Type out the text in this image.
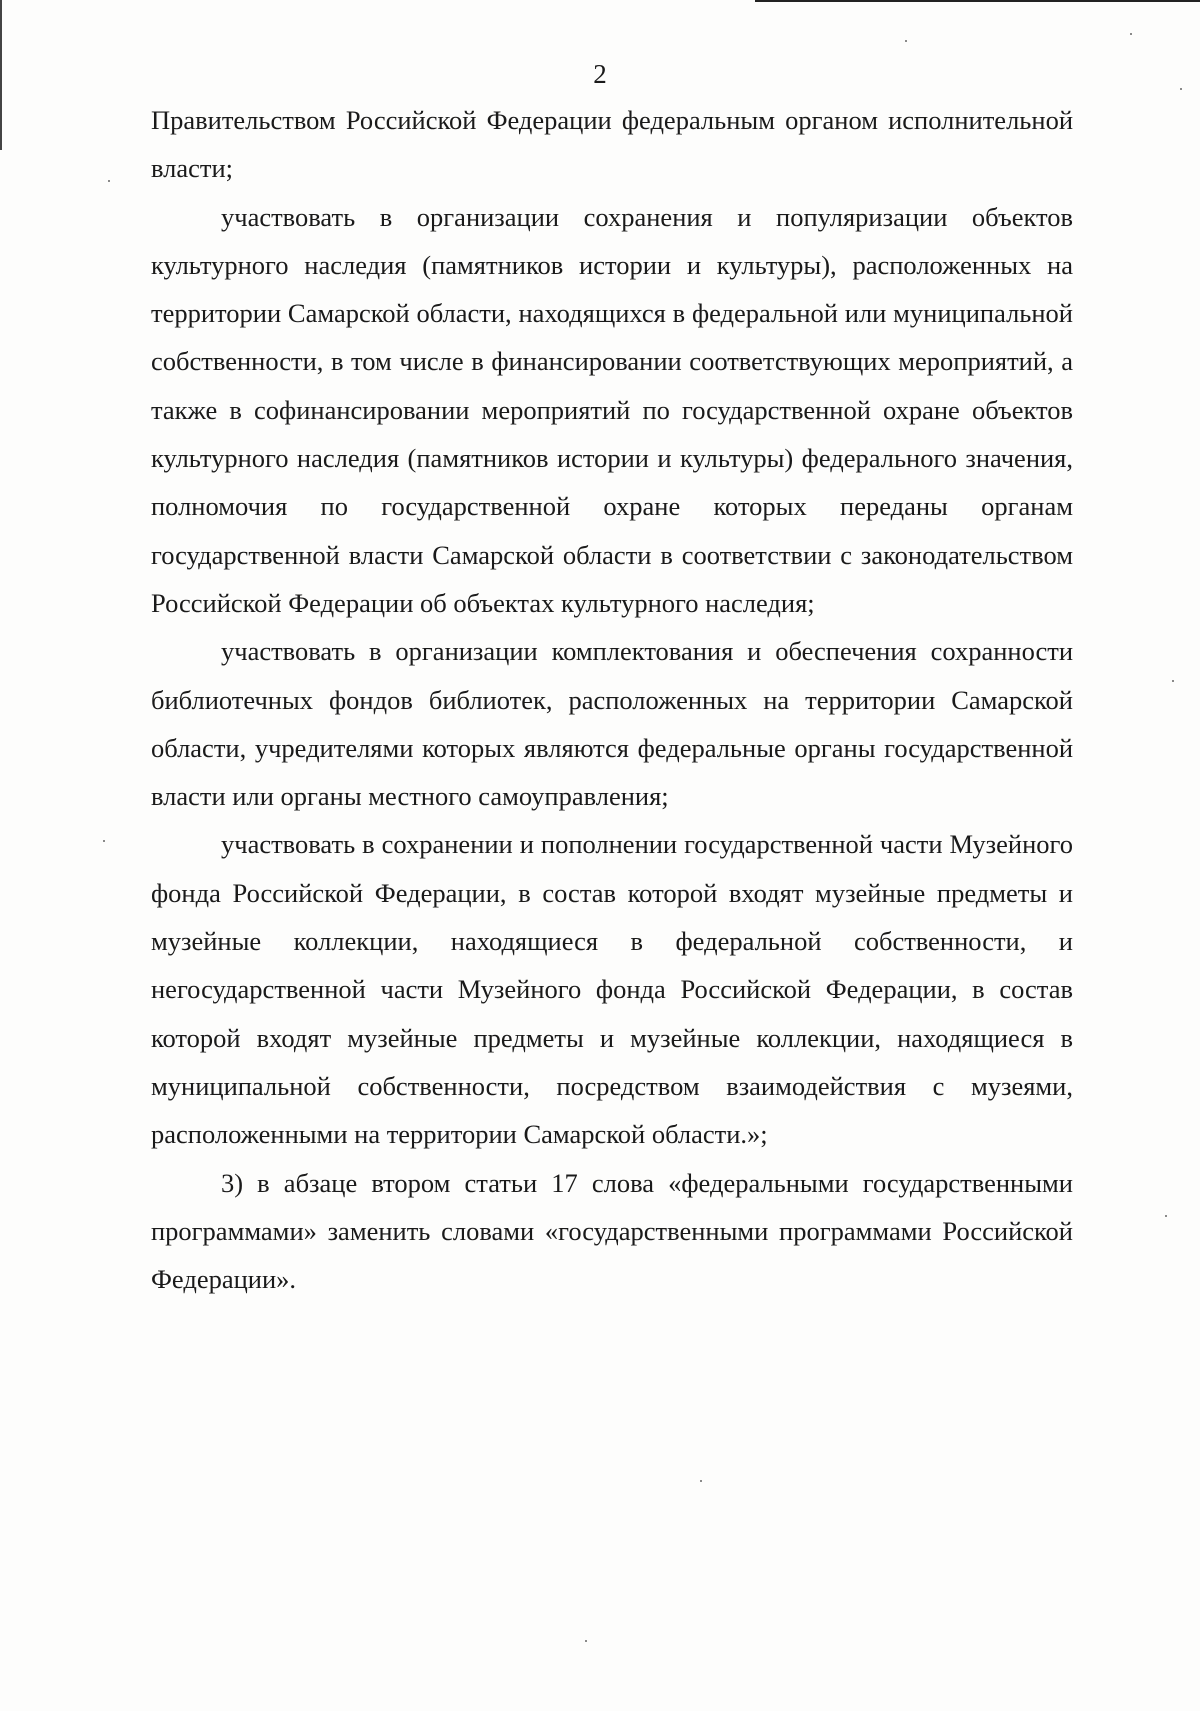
2

Правительством Российской Федерации федеральным органом исполнительной власти;

участвовать в организации сохранения и популяризации объектов культурного наследия (памятников истории и культуры), расположенных на территории Самарской области, находящихся в федеральной или муниципальной собственности, в том числе в финансировании соответствующих мероприятий, а также в софинансировании мероприятий по государственной охране объектов культурного наследия (памятников истории и культуры) федерального значения, полномочия по государственной охране которых переданы органам государственной власти Самарской области в соответствии с законодательством Российской Федерации об объектах культурного наследия;

участвовать в организации комплектования и обеспечения сохранности библиотечных фондов библиотек, расположенных на территории Самарской области, учредителями которых являются федеральные органы государственной власти или органы местного самоуправления;

участвовать в сохранении и пополнении государственной части Музейного фонда Российской Федерации, в состав которой входят музейные предметы и музейные коллекции, находящиеся в федеральной собственности, и негосударственной части Музейного фонда Российской Федерации, в состав которой входят музейные предметы и музейные коллекции, находящиеся в муниципальной собственности, посредством взаимодействия с музеями, расположенными на территории Самарской области.»;

3) в абзаце втором статьи 17 слова «федеральными государственными программами» заменить словами «государственными программами Российской Федерации».
